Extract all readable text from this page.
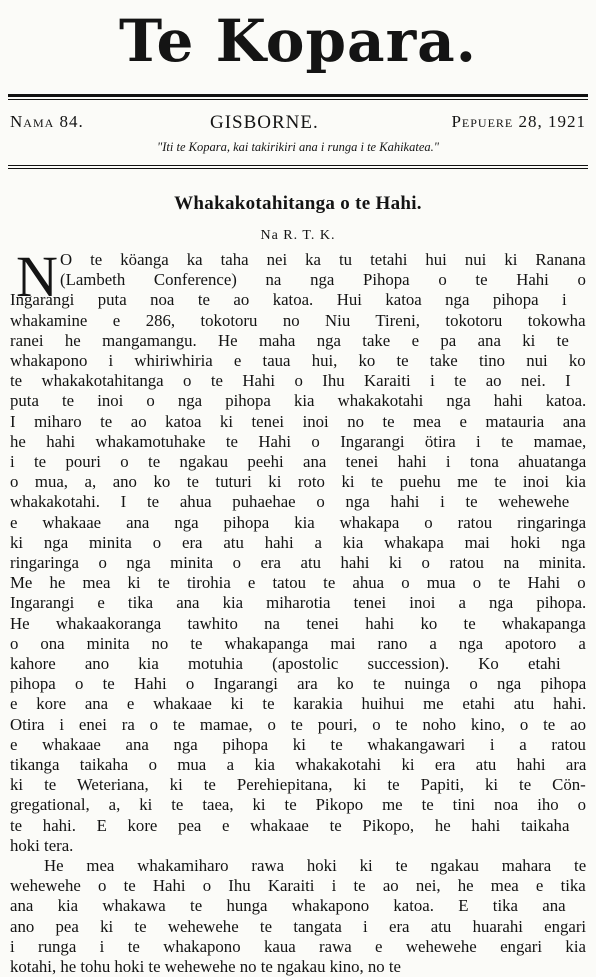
Te Kopara.
Nama 84.	GISBORNE.	Pepuere 28, 1921
"Iti te Kopara, kai takirikiri ana i runga i te Kahikatea."
Whakakotahitanga o te Hahi.
Na R. T. K.
N O te köanga ka taha nei ka tu tetahi hui nui ki Ranana
(Lambeth Conference) na nga Pihopa o te Hahi o
Ingarangi puta noa te ao katoa. Hui katoa nga pihopa i
whakamine e 286, tokotoru no Niu Tireni, tokotoru tokowha
ranei he mangamangu. He maha nga take e pa ana ki te
whakapono i whiriwhiria e taua hui, ko te take tino nui ko
te whakakotahitanga o te Hahi o Ihu Karaiti i te ao nei. I
puta te inoi o nga pihopa kia whakakotahi nga hahi katoa.
I miharo te ao katoa ki tenei inoi no te mea e matauria ana
he hahi whakamotuhake te Hahi o Ingarangi ötira i te mamae,
i te pouri o te ngakau peehi ana tenei hahi i tona ahuatanga
o mua, a, ano ko te tuturi ki roto ki te puehu me te inoi kia
whakakotahi. I te ahua puhaehae o nga hahi i te wehewehe
e whakaae ana nga pihopa kia whakapa o ratou ringaringa
ki nga minita o era atu hahi a kia whakapa mai hoki nga
ringaringa o nga minita o era atu hahi ki o ratou na minita.
Me he mea ki te tirohia e tatou te ahua o mua o te Hahi o
Ingarangi e tika ana kia miharotia tenei inoi a nga pihopa.
He whakaakoranga tawhito na tenei hahi ko te whakapanga
o ona minita no te whakapanga mai rano a nga apotoro a
kahore ano kia motuhia (apostolic succession). Ko etahi
pihopa o te Hahi o Ingarangi ara ko te nuinga o nga pihopa
e kore ana e whakaae ki te karakia huihui me etahi atu hahi.
Otira i enei ra o te mamae, o te pouri, o te noho kino, o te ao
e whakaae ana nga pihopa ki te whakangawari i a ratou
tikanga taikaha o mua a kia whakakotahi ki era atu hahi ara
ki te Weteriana, ki te Perehiepitana, ki te Papiti, ki te Cön-
gregational, a, ki te taea, ki te Pikopo me te tini noa iho o
te hahi. E kore pea e whakaae te Pikopo, he hahi taikaha
hoki tera.
He mea whakamiharo rawa hoki ki te ngakau mahara te
wehewehe o te Hahi o Ihu Karaiti i te ao nei, he mea e tika
ana kia whakawa te hunga whakapono katoa. E tika ana
ano pea ki te wehewehe te tangata i era atu huarahi engari
i runga i te whakapono kaua rawa e wehewehe engari kia
kotahi, he tohu hoki te wehewehe no te ngakau kino, no te
